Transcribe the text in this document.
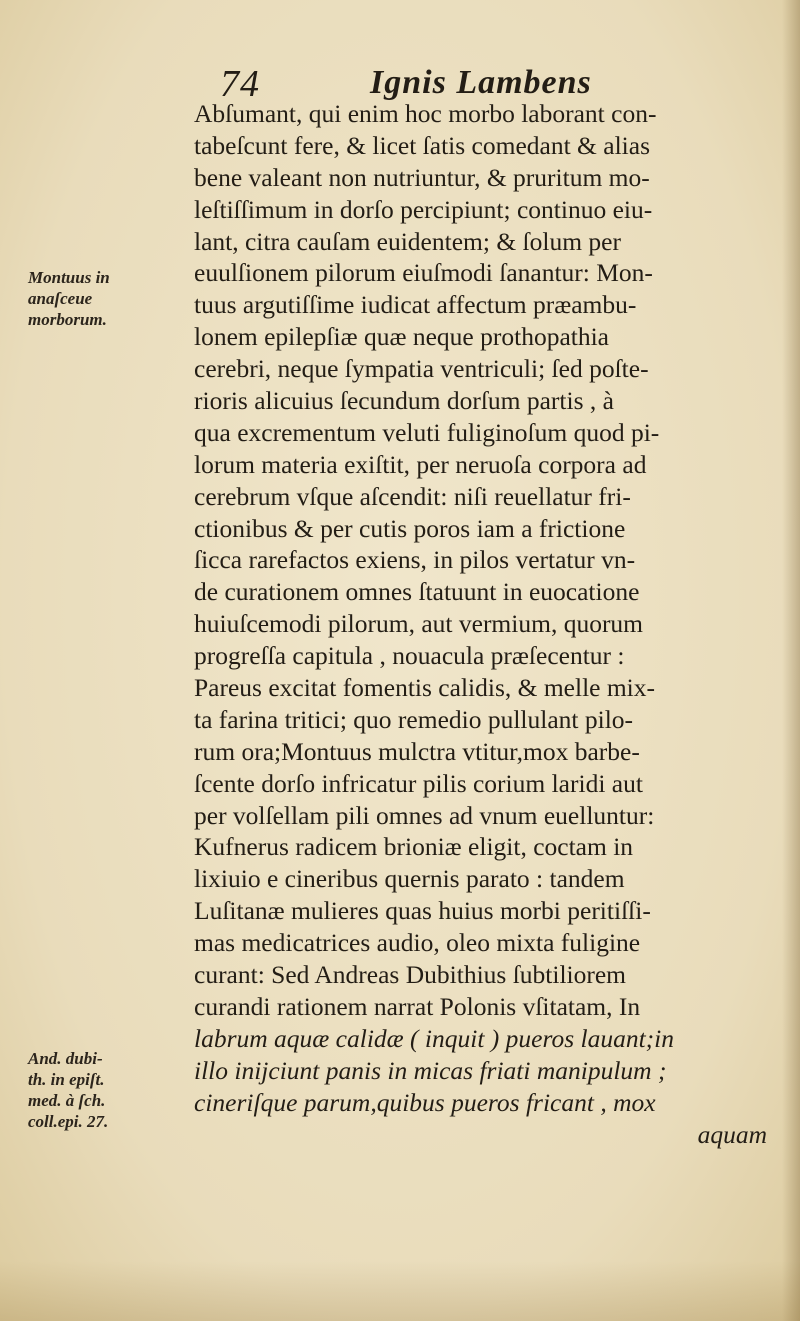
74	Ignis Lambens
Montuus in
anaſceue
morborum.
And. dubi-
th. in epiſt.
med. à ſch.
coll.epi. 27.
Abſumant, qui enim hoc morbo laborant con-
tabeſcunt fere, & licet ſatis comedant & alias
bene valeant non nutriuntur, & pruritum mo-
leſtiſſimum in dorſo percipiunt; continuo eiu-
lant, citra cauſam euidentem; & ſolum per
euulſionem pilorum eiuſmodi ſanantur: Mon-
tuus argutiſſime iudicat affectum præambu-
lonem epilepſiæ quæ neque prothopathia
cerebri, neque ſympatia ventriculi; ſed poſte-
rioris alicuius ſecundum dorſum partis , à
qua excrementum veluti fuliginoſum quod pi-
lorum materia exiſtit, per neruoſa corpora ad
cerebrum vſque aſcendit: niſi reuellatur fri-
ctionibus & per cutis poros iam a frictione
ſicca rarefactos exiens, in pilos vertatur vn-
de curationem omnes ſtatuunt in euocatione
huiuſcemodi pilorum, aut vermium, quorum
progreſſa capitula , nouacula præſecentur :
Pareus excitat fomentis calidis, & melle mix-
ta farina tritici; quo remedio pullulant pilo-
rum ora;Montuus mulctra vtitur,mox barbe-
ſcente dorſo infricatur pilis corium laridi aut
per volſellam pili omnes ad vnum euelluntur:
Kufnerus radicem brioniæ eligit, coctam in
lixiuio e cineribus quernis parato : tandem
Luſitanæ mulieres quas huius morbi peritiſſi-
mas medicatrices audio, oleo mixta fuligine
curant: Sed Andreas Dubithius ſubtiliorem
curandi rationem narrat Polonis vſitatam, In
labrum aquæ calidæ ( inquit ) pueros lauant;in
illo inijciunt panis in micas friati manipulum ;
cineriſque parum,quibus pueros fricant , mox
aquam
